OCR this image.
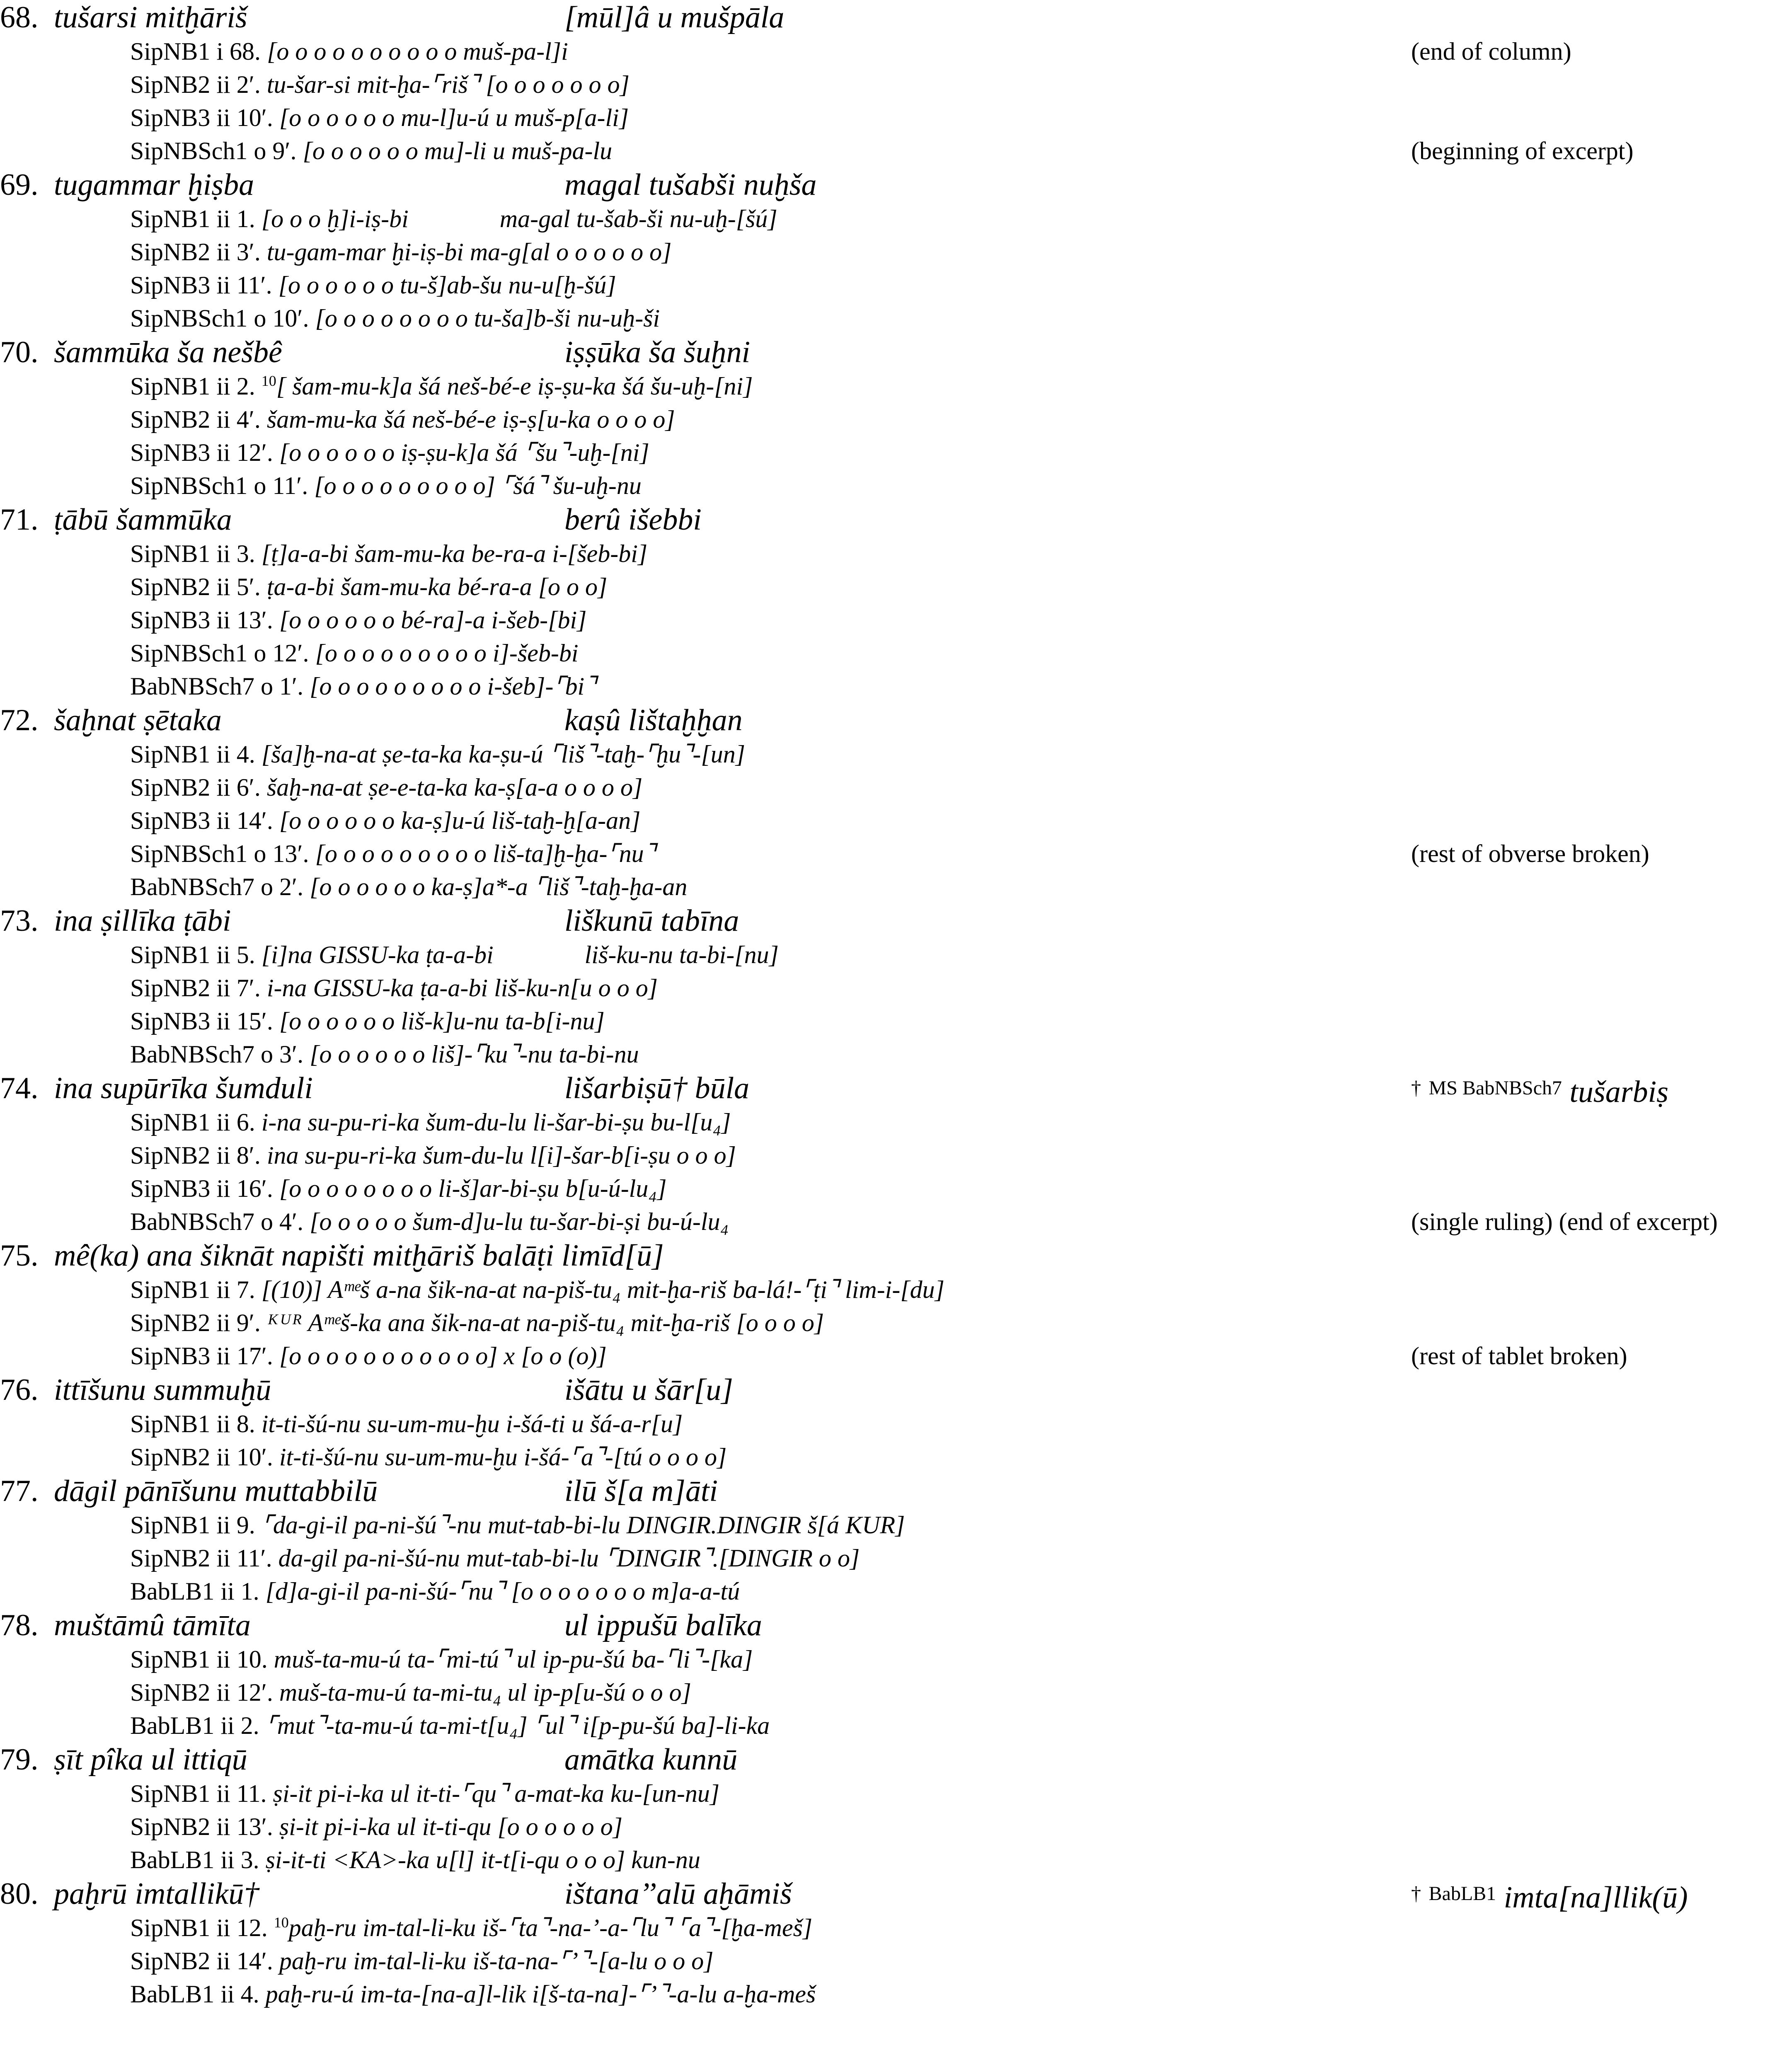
68. tušarsi mitḫāriš	[mūl]â u mušpāla
SipNB1 i 68. [o o o o o o o o o o muš-pa-l]i	(end of column)
SipNB2 ii 2′. tu-šar-si mit-ḫa-⌜riš⌝ [o o o o o o o]
SipNB3 ii 10′. [o o o o o o mu-l]u-ú u muš-p[a-li]
SipNBSch1 o 9′. [o o o o o o mu]-li u muš-pa-lu	(beginning of excerpt)
69. tugammar ḫiṣba	magal tušabši nuḫša
SipNB1 ii 1. [o o o ḫ]i-iṣ-bi	ma-gal tu-šab-ši nu-uḫ-[šú]
SipNB2 ii 3′. tu-gam-mar ḫi-iṣ-bi ma-g[al o o o o o o]
SipNB3 ii 11′. [o o o o o o tu-š]ab-šu nu-u[ḫ-šú]
SipNBSch1 o 10′. [o o o o o o o o tu-ša]b-ši nu-uḫ-ši
70. šammūka ša nešbê	iṣṣūka ša šuḫni
SipNB1 ii 2. $^{10}$[ šam-mu-k]a šá neš-bé-e iṣ-ṣu-ka šá šu-uḫ-[ni]
SipNB2 ii 4′. šam-mu-ka šá neš-bé-e iṣ-ṣ[u-ka o o o o]
SipNB3 ii 12′. [o o o o o o iṣ-ṣu-k]a šá ⌜šu⌝-uḫ-[ni]
SipNBSch1 o 11′. [o o o o o o o o o] ⌜šá⌝ šu-uḫ-nu
71. ṭābū šammūka	berû išebbi
SipNB1 ii 3. [ṭ]a-a-bi šam-mu-ka be-ra-a i-[šeb-bi]
SipNB2 ii 5′. ṭa-a-bi šam-mu-ka bé-ra-a [o o o]
SipNB3 ii 13′. [o o o o o o bé-ra]-a i-šeb-[bi]
SipNBSch1 o 12′. [o o o o o o o o o i]-šeb-bi
BabNBSch7 o 1′. [o o o o o o o o o i-šeb]-⌜bi⌝
72. šaḫnat ṣētaka	kaṣû lištaḫḫan
SipNB1 ii 4. [ša]ḫ-na-at ṣe-ta-ka ka-ṣu-ú ⌜liš⌝-taḫ-⌜ḫu⌝-[un]
SipNB2 ii 6′. šaḫ-na-at ṣe-e-ta-ka ka-ṣ[a-a o o o o]
SipNB3 ii 14′. [o o o o o o ka-ṣ]u-ú liš-taḫ-ḫ[a-an]
SipNBSch1 o 13′. [o o o o o o o o o liš-ta]ḫ-ḫa-⌜nu⌝	(rest of obverse broken)
BabNBSch7 o 2′. [o o o o o o ka-ṣ]a*-a ⌜liš⌝-taḫ-ḫa-an
73. ina ṣillīka ṭābi	liškunū tabīna
SipNB1 ii 5. [i]na GISSU-ka ṭa-a-bi	liš-ku-nu ta-bi-[nu]
SipNB2 ii 7′. i-na GISSU-ka ṭa-a-bi liš-ku-n[u o o o]
SipNB3 ii 15′. [o o o o o o liš-k]u-nu ta-b[i-nu]
BabNBSch7 o 3′. [o o o o o o liš]-⌜ku⌝-nu ta-bi-nu
74. ina supūrīka šumduli	lišarbiṣū† būla	† $^{MS BabNBSch7}$ tušarbiṣ
SipNB1 ii 6. i-na su-pu-ri-ka šum-du-lu li-šar-bi-ṣu bu-l[u₄]
SipNB2 ii 8′. ina su-pu-ri-ka šum-du-lu l[i]-šar-b[i-ṣu o o o]
SipNB3 ii 16′. [o o o o o o o o li-š]ar-bi-ṣu b[u-ú-lu₄]
BabNBSch7 o 4′. [o o o o o šum-d]u-lu tu-šar-bi-ṣi bu-ú-lu₄	(single ruling) (end of excerpt)
75. mê(ka) ana šiknāt napišti mitḫāriš balāṭi limīd[ū]
SipNB1 ii 7. [(10)] Aᵐᵉš a-na šik-na-at na-piš-tu₄ mit-ḫa-riš ba-lá!-⌜ṭi⌝ lim-i-[du]
SipNB2 ii 9′. ᴷᵁᴿ Aᵐᵉš-ka ana šik-na-at na-piš-tu₄ mit-ḫa-riš [o o o o]
SipNB3 ii 17′. [o o o o o o o o o o o] x [o o (o)]	(rest of tablet broken)
76. ittīšunu summuḫū	išātu u šār[u]
SipNB1 ii 8. it-ti-šú-nu su-um-mu-ḫu i-šá-ti u šá-a-r[u]
SipNB2 ii 10′. it-ti-šú-nu su-um-mu-ḫu i-šá-⌜a⌝-[tú o o o o]
77. dāgil pānīšunu muttabbilū	ilū š[a m]āti
SipNB1 ii 9. ⌜da-gi-il pa-ni-šú⌝-nu mut-tab-bi-lu DINGIR.DINGIR š[á KUR]
SipNB2 ii 11′. da-gil pa-ni-šú-nu mut-tab-bi-lu ⌜DINGIR⌝.[DINGIR o o]
BabLB1 ii 1. [d]a-gi-il pa-ni-šú-⌜nu⌝ [o o o o o o o m]a-a-tú
78. muštāmû tāmīta	ul ippušū balīka
SipNB1 ii 10. muš-ta-mu-ú ta-⌜mi-tú⌝ ul ip-pu-šú ba-⌜li⌝-[ka]
SipNB2 ii 12′. muš-ta-mu-ú ta-mi-tu₄ ul ip-p[u-šú o o o]
BabLB1 ii 2. ⌜mut⌝-ta-mu-ú ta-mi-t[u₄] ⌜ul⌝ i[p-pu-šú ba]-li-ka
79. ṣīt pîka ul ittiqū	amātka kunnū
SipNB1 ii 11. ṣi-it pi-i-ka ul it-ti-⌜qu⌝ a-mat-ka ku-[un-nu]
SipNB2 ii 13′. ṣi-it pi-i-ka ul it-ti-qu [o o o o o o]
BabLB1 ii 3. ṣi-it-ti <KA>-ka u[l] it-t[i-qu o o o] kun-nu
80. paḫrū imtallikū†	ištana’’alū aḫāmiš	† $^{BabLB1}$ imta[na]llik(ū)
SipNB1 ii 12. $^{10}$paḫ-ru im-tal-li-ku iš-⌜ta⌝-na-’-a-⌜lu⌝ ⌜a⌝-[ḫa-meš]
SipNB2 ii 14′. paḫ-ru im-tal-li-ku iš-ta-na-⌜’⌝-[a-lu o o o]
BabLB1 ii 4. paḫ-ru-ú im-ta-[na-a]l-lik i[š-ta-na]-⌜’⌝-a-lu a-ḫa-meš
